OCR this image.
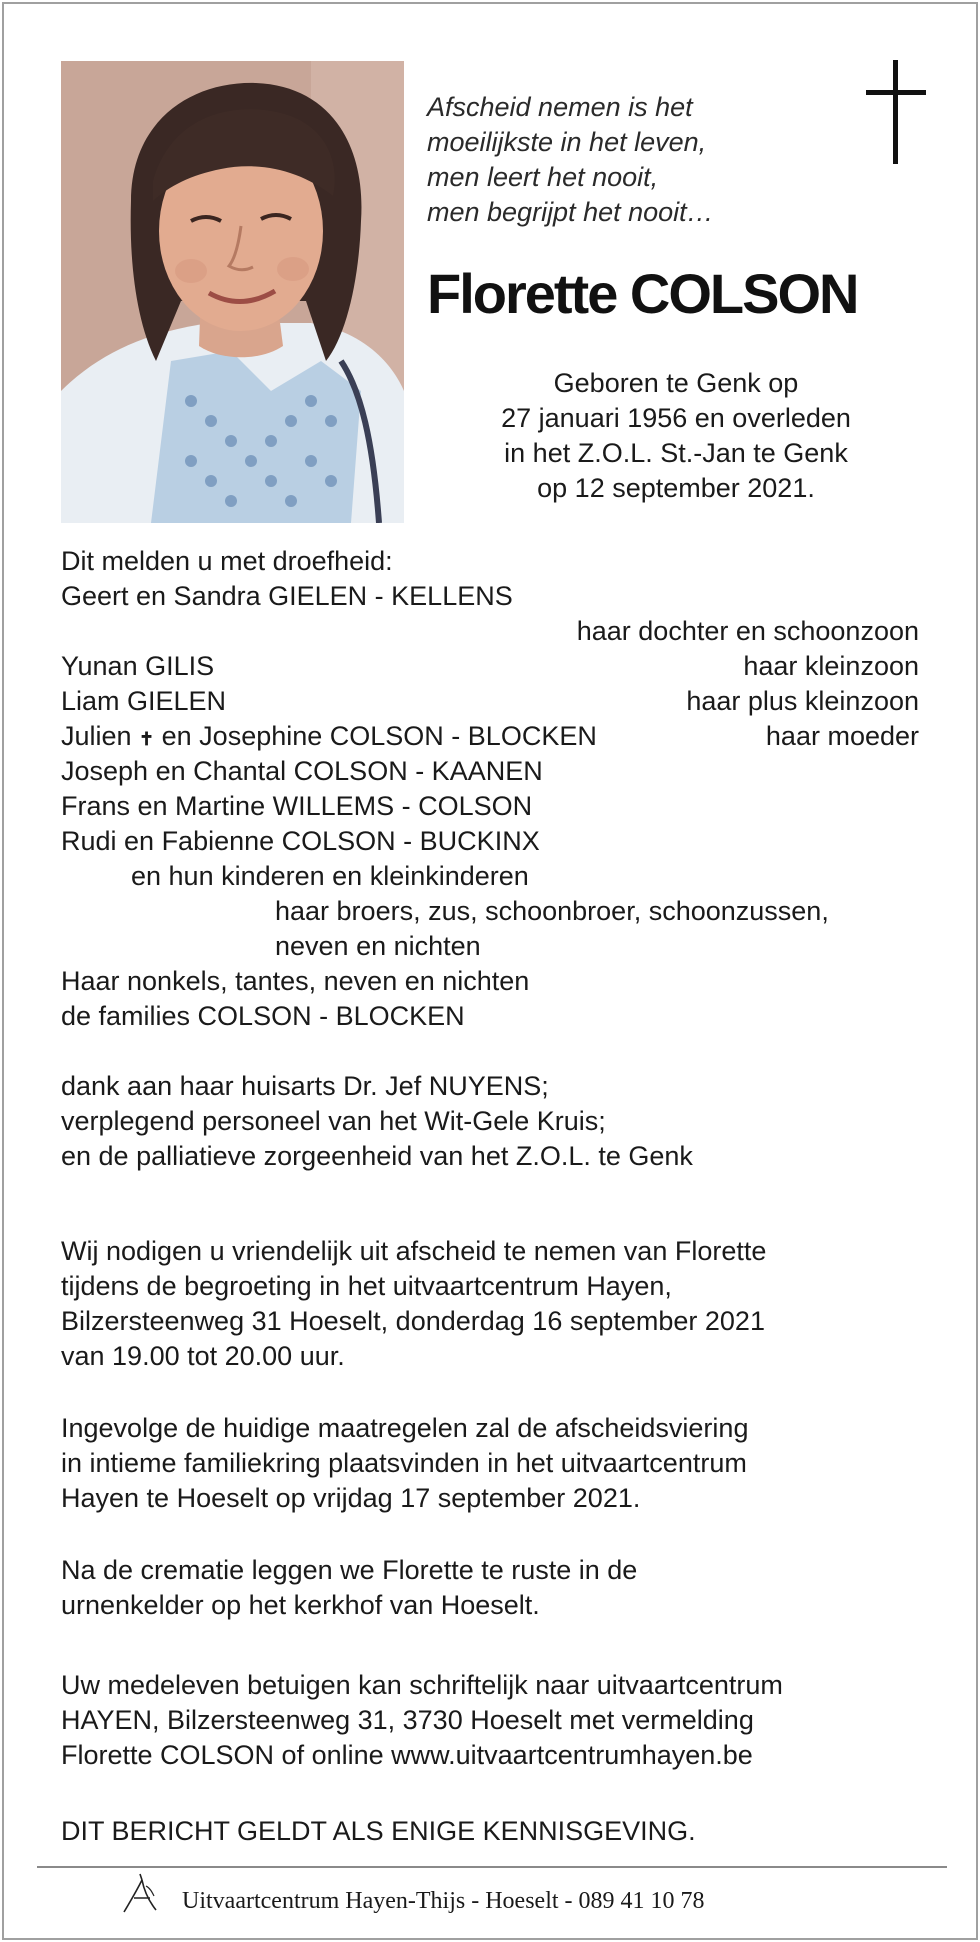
Afscheid nemen is het
moeilijkste in het leven,
men leert het nooit,
men begrijpt het nooit…
Florette COLSON
Geboren te Genk op
27 januari 1956 en overleden
in het Z.O.L. St.-Jan te Genk
op 12 september 2021.
Dit melden u met droefheid:
Geert en Sandra GIELEN - KELLENS
haar dochter en schoonzoon
Yunan GILIS	haar kleinzoon
Liam GIELEN	haar plus kleinzoon
Julien ✝ en Josephine COLSON - BLOCKEN	haar moeder
Joseph en Chantal COLSON - KAANEN
Frans en Martine WILLEMS - COLSON
Rudi en Fabienne COLSON - BUCKINX
en hun kinderen en kleinkinderen
haar broers, zus, schoonbroer, schoonzussen,
neven en nichten
Haar nonkels, tantes, neven en nichten
de families COLSON - BLOCKEN
dank aan haar huisarts Dr. Jef NUYENS;
verplegend personeel van het Wit-Gele Kruis;
en de palliatieve zorgeenheid van het Z.O.L. te Genk
Wij nodigen u vriendelijk uit afscheid te nemen van Florette
tijdens de begroeting in het uitvaartcentrum Hayen,
Bilzersteenweg 31 Hoeselt, donderdag 16 september 2021
van 19.00 tot 20.00 uur.
Ingevolge de huidige maatregelen zal de afscheidsviering
in intieme familiekring plaatsvinden in het uitvaartcentrum
Hayen te Hoeselt op vrijdag 17 september 2021.
Na de crematie leggen we Florette te ruste in de
urnenkelder op het kerkhof van Hoeselt.
Uw medeleven betuigen kan schriftelijk naar uitvaartcentrum
HAYEN, Bilzersteenweg 31, 3730 Hoeselt met vermelding
Florette COLSON of online www.uitvaartcentrumhayen.be
DIT BERICHT GELDT ALS ENIGE KENNISGEVING.
Uitvaartcentrum Hayen-Thijs - Hoeselt - 089 41 10 78
